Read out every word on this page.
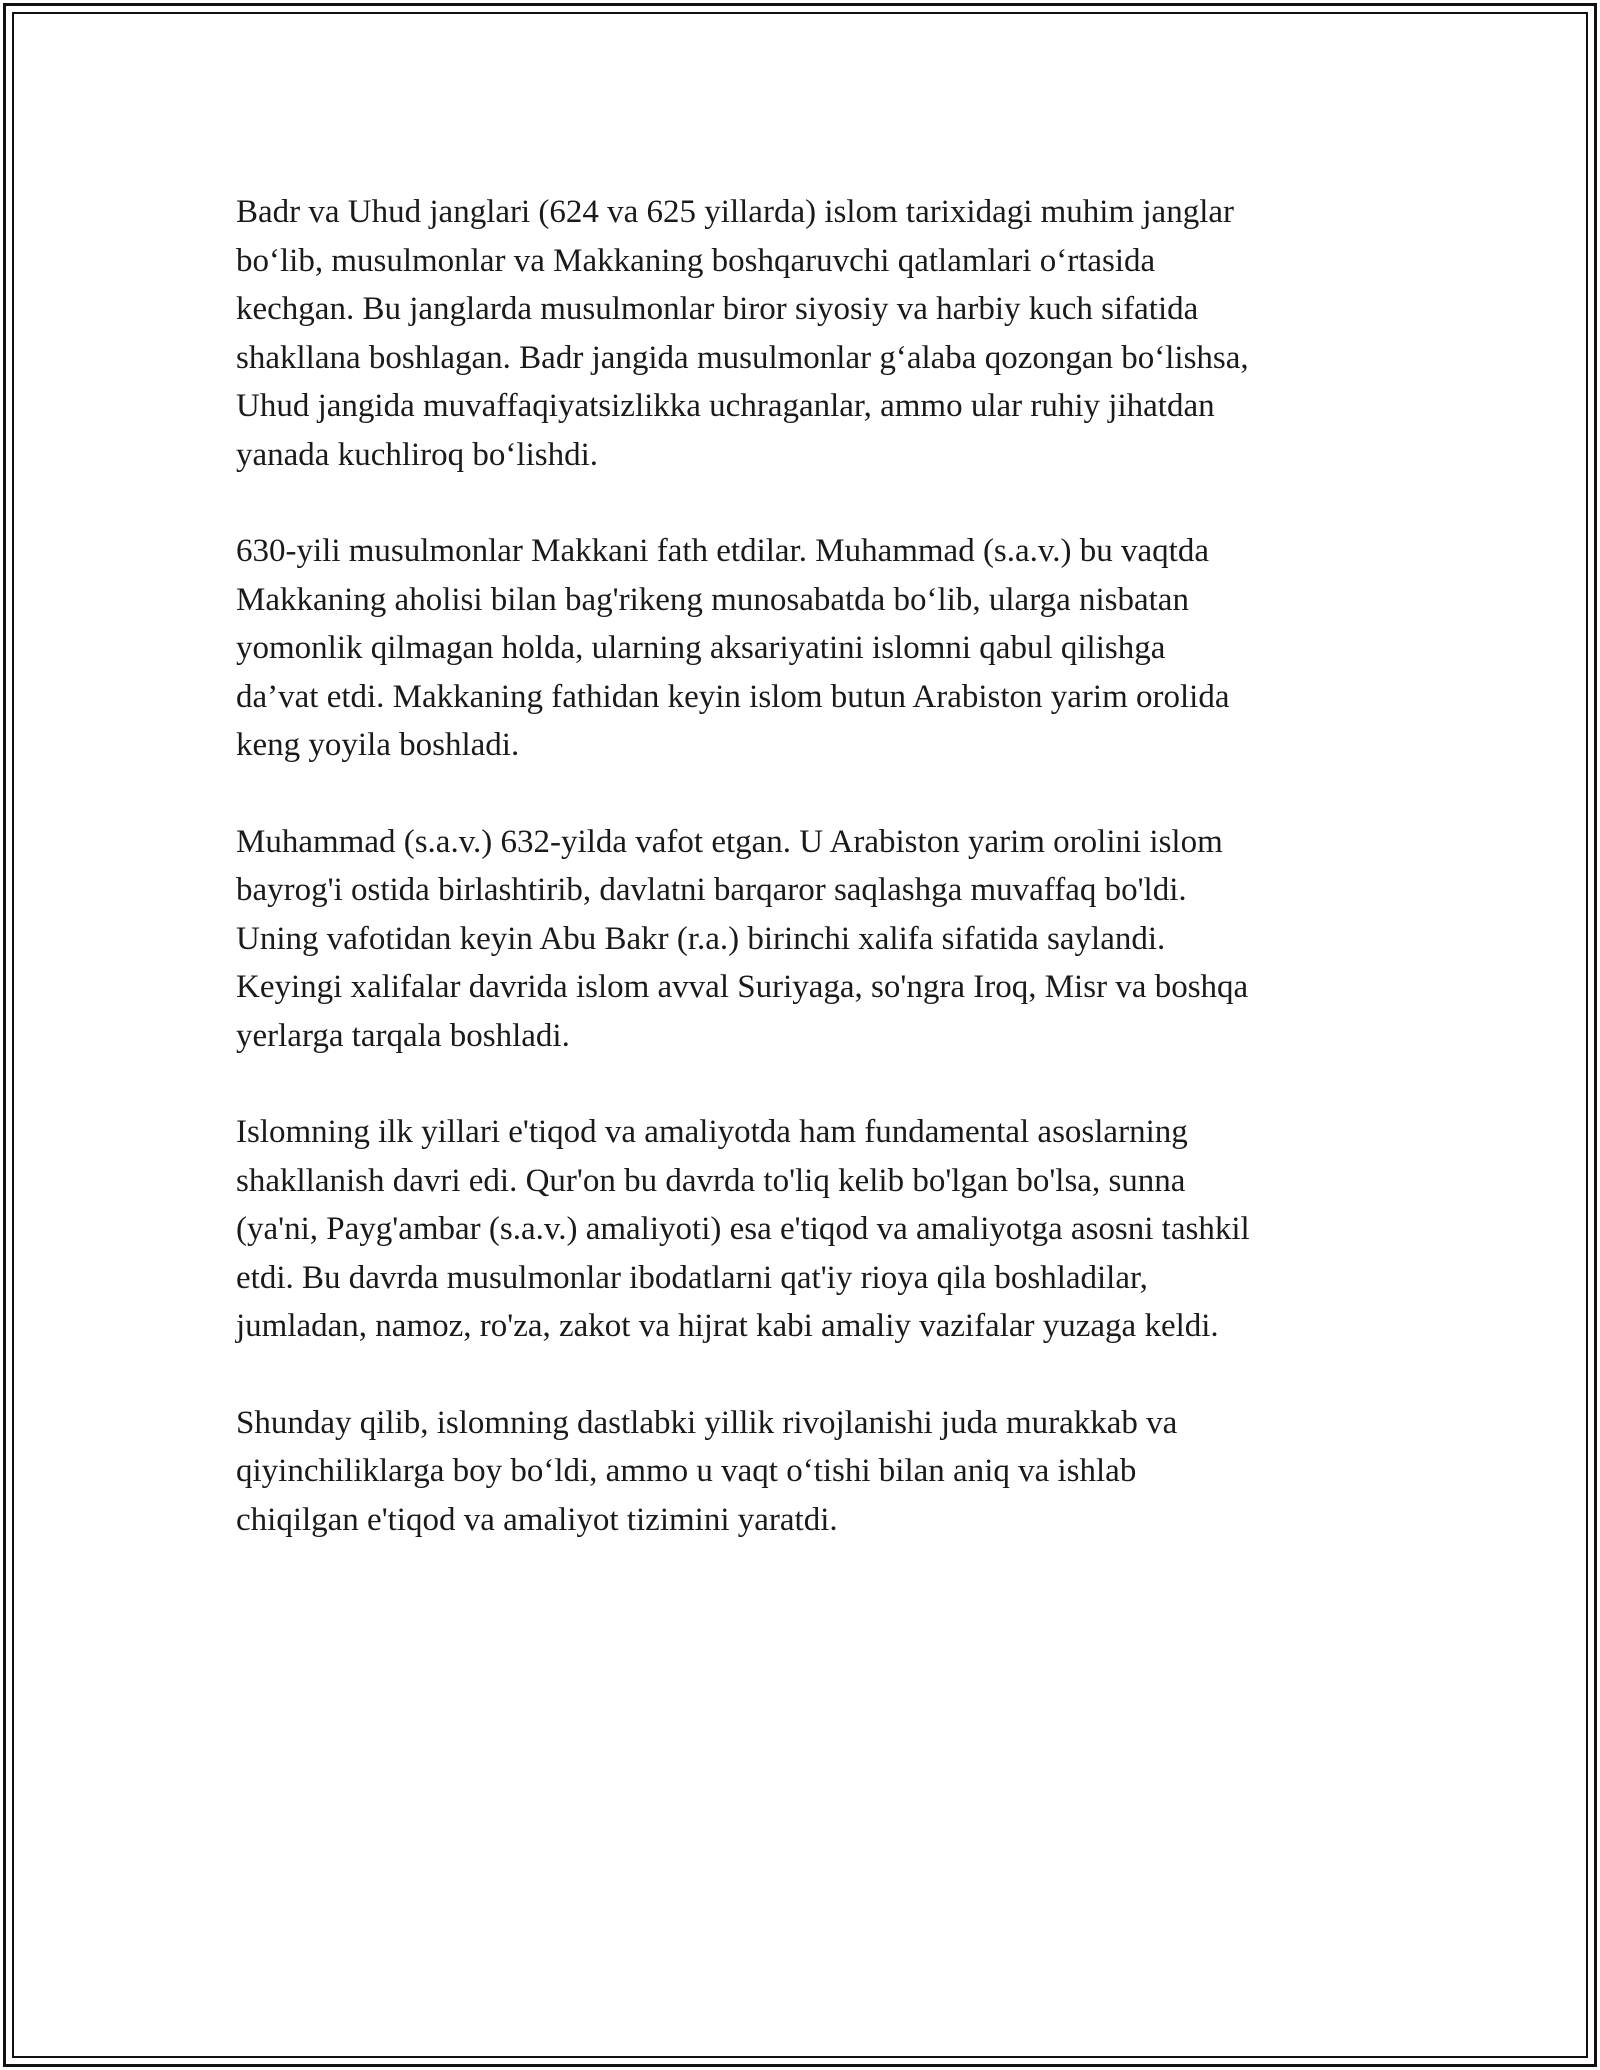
Badr va Uhud janglari (624 va 625 yillarda) islom tarixidagi muhim janglar
bo‘lib, musulmonlar va Makkaning boshqaruvchi qatlamlari o‘rtasida
kechgan. Bu janglarda musulmonlar biror siyosiy va harbiy kuch sifatida
shakllana boshlagan. Badr jangida musulmonlar g‘alaba qozongan bo‘lishsa,
Uhud jangida muvaffaqiyatsizlikka uchraganlar, ammo ular ruhiy jihatdan
yanada kuchliroq bo‘lishdi.

630-yili musulmonlar Makkani fath etdilar. Muhammad (s.a.v.) bu vaqtda
Makkaning aholisi bilan bag'rikeng munosabatda bo‘lib, ularga nisbatan
yomonlik qilmagan holda, ularning aksariyatini islomni qabul qilishga
da’vat etdi. Makkaning fathidan keyin islom butun Arabiston yarim orolida
keng yoyila boshladi.

Muhammad (s.a.v.) 632-yilda vafot etgan. U Arabiston yarim orolini islom
bayrog'i ostida birlashtirib, davlatni barqaror saqlashga muvaffaq bo'ldi.
Uning vafotidan keyin Abu Bakr (r.a.) birinchi xalifa sifatida saylandi.
Keyingi xalifalar davrida islom avval Suriyaga, so'ngra Iroq, Misr va boshqa
yerlarga tarqala boshladi.

Islomning ilk yillari e'tiqod va amaliyotda ham fundamental asoslarning
shakllanish davri edi. Qur'on bu davrda to'liq kelib bo'lgan bo'lsa, sunna
(ya'ni, Payg'ambar (s.a.v.) amaliyoti) esa e'tiqod va amaliyotga asosni tashkil
etdi. Bu davrda musulmonlar ibodatlarni qat'iy rioya qila boshladilar,
jumladan, namoz, ro'za, zakot va hijrat kabi amaliy vazifalar yuzaga keldi.

Shunday qilib, islomning dastlabki yillik rivojlanishi juda murakkab va
qiyinchiliklarga boy bo‘ldi, ammo u vaqt o‘tishi bilan aniq va ishlab
chiqilgan e'tiqod va amaliyot tizimini yaratdi.
